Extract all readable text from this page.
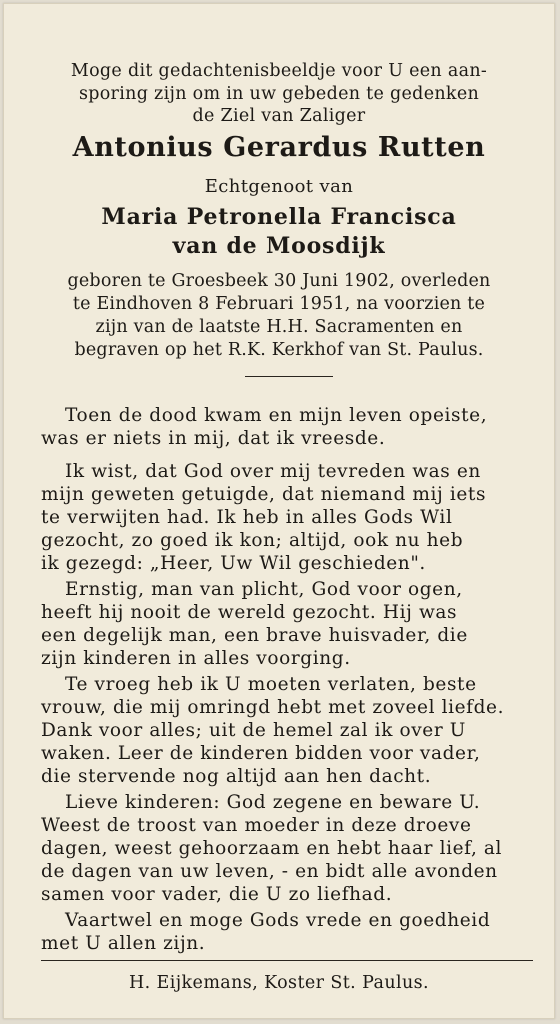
Moge dit gedachtenisbeeldje voor U een aan-

sporing zijn om in uw gebeden te gedenken

de Ziel van Zaliger

Antonius Gerardus Rutten

Echtgenoot van

Maria Petronella Francisca

van de Moosdijk

geboren te Groesbeek 30 Juni 1902, overleden

te Eindhoven 8 Februari 1951, na voorzien te

zijn van de laatste H.H. Sacramenten en

begraven op het R.K. Kerkhof van St. Paulus.

Toen de dood kwam en mijn leven opeiste,

was er niets in mij, dat ik vreesde.

Ik wist, dat God over mij tevreden was en

mijn geweten getuigde, dat niemand mij iets

te verwijten had. Ik heb in alles Gods Wil

gezocht, zo goed ik kon; altijd, ook nu heb

ik gezegd: „Heer, Uw Wil geschieden".

Ernstig, man van plicht, God voor ogen,

heeft hij nooit de wereld gezocht. Hij was

een degelijk man, een brave huisvader, die

zijn kinderen in alles voorging.

Te vroeg heb ik U moeten verlaten, beste

vrouw, die mij omringd hebt met zoveel liefde.

Dank voor alles; uit de hemel zal ik over U

waken. Leer de kinderen bidden voor vader,

die stervende nog altijd aan hen dacht.

Lieve kinderen: God zegene en beware U.

Weest de troost van moeder in deze droeve

dagen, weest gehoorzaam en hebt haar lief, al

de dagen van uw leven, - en bidt alle avonden

samen voor vader, die U zo liefhad.

Vaartwel en moge Gods vrede en goedheid

met U allen zijn.

H. Eijkemans, Koster St. Paulus.
